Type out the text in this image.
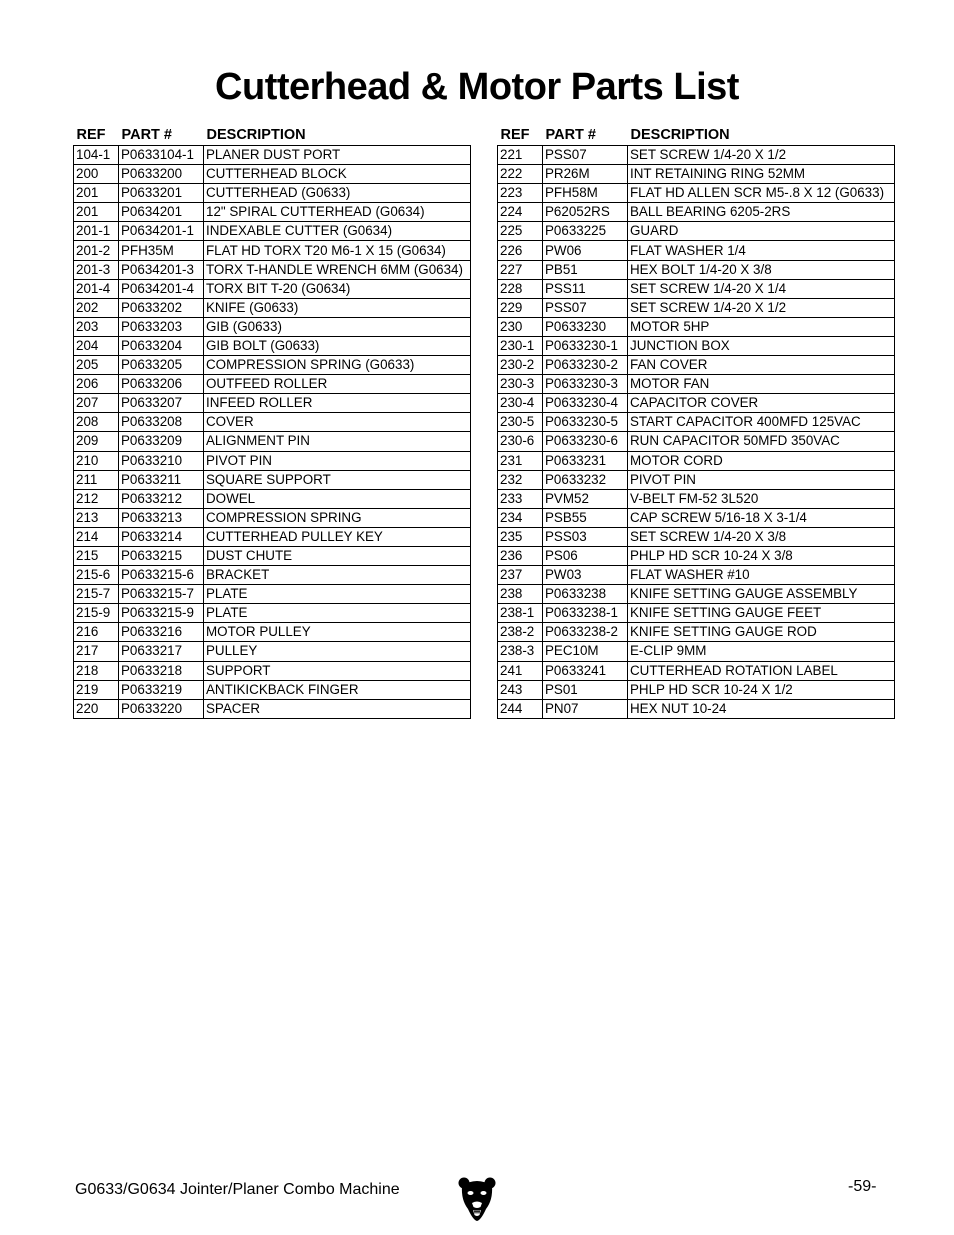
Cutterhead & Motor Parts List
REF	PART #	DESCRIPTION
104-1	P0633104-1	PLANER DUST PORT
200	P0633200	CUTTERHEAD BLOCK
201	P0633201	CUTTERHEAD (G0633)
201	P0634201	12" SPIRAL CUTTERHEAD (G0634)
201-1	P0634201-1	INDEXABLE CUTTER (G0634)
201-2	PFH35M	FLAT HD TORX T20 M6-1 X 15 (G0634)
201-3	P0634201-3	TORX T-HANDLE WRENCH 6MM (G0634)
201-4	P0634201-4	TORX BIT T-20 (G0634)
202	P0633202	KNIFE (G0633)
203	P0633203	GIB (G0633)
204	P0633204	GIB BOLT (G0633)
205	P0633205	COMPRESSION SPRING (G0633)
206	P0633206	OUTFEED ROLLER
207	P0633207	INFEED ROLLER
208	P0633208	COVER
209	P0633209	ALIGNMENT PIN
210	P0633210	PIVOT PIN
211	P0633211	SQUARE SUPPORT
212	P0633212	DOWEL
213	P0633213	COMPRESSION SPRING
214	P0633214	CUTTERHEAD PULLEY KEY
215	P0633215	DUST CHUTE
215-6	P0633215-6	BRACKET
215-7	P0633215-7	PLATE
215-9	P0633215-9	PLATE
216	P0633216	MOTOR PULLEY
217	P0633217	PULLEY
218	P0633218	SUPPORT
219	P0633219	ANTIKICKBACK FINGER
220	P0633220	SPACER
REF	PART #	DESCRIPTION
221	PSS07	SET SCREW 1/4-20 X 1/2
222	PR26M	INT RETAINING RING 52MM
223	PFH58M	FLAT HD ALLEN SCR M5-.8 X 12 (G0633)
224	P62052RS	BALL BEARING 6205-2RS
225	P0633225	GUARD
226	PW06	FLAT WASHER 1/4
227	PB51	HEX BOLT 1/4-20 X 3/8
228	PSS11	SET SCREW 1/4-20 X 1/4
229	PSS07	SET SCREW 1/4-20 X 1/2
230	P0633230	MOTOR 5HP
230-1	P0633230-1	JUNCTION BOX
230-2	P0633230-2	FAN COVER
230-3	P0633230-3	MOTOR FAN
230-4	P0633230-4	CAPACITOR COVER
230-5	P0633230-5	START CAPACITOR 400MFD 125VAC
230-6	P0633230-6	RUN CAPACITOR 50MFD 350VAC
231	P0633231	MOTOR CORD
232	P0633232	PIVOT PIN
233	PVM52	V-BELT FM-52 3L520
234	PSB55	CAP SCREW 5/16-18 X 3-1/4
235	PSS03	SET SCREW 1/4-20 X 3/8
236	PS06	PHLP HD SCR 10-24 X 3/8
237	PW03	FLAT WASHER #10
238	P0633238	KNIFE SETTING GAUGE ASSEMBLY
238-1	P0633238-1	KNIFE SETTING GAUGE FEET
238-2	P0633238-2	KNIFE SETTING GAUGE ROD
238-3	PEC10M	E-CLIP 9MM
241	P0633241	CUTTERHEAD ROTATION LABEL
243	PS01	PHLP HD SCR 10-24 X 1/2
244	PN07	HEX NUT 10-24
G0633/G0634 Jointer/Planer Combo Machine	-59-
